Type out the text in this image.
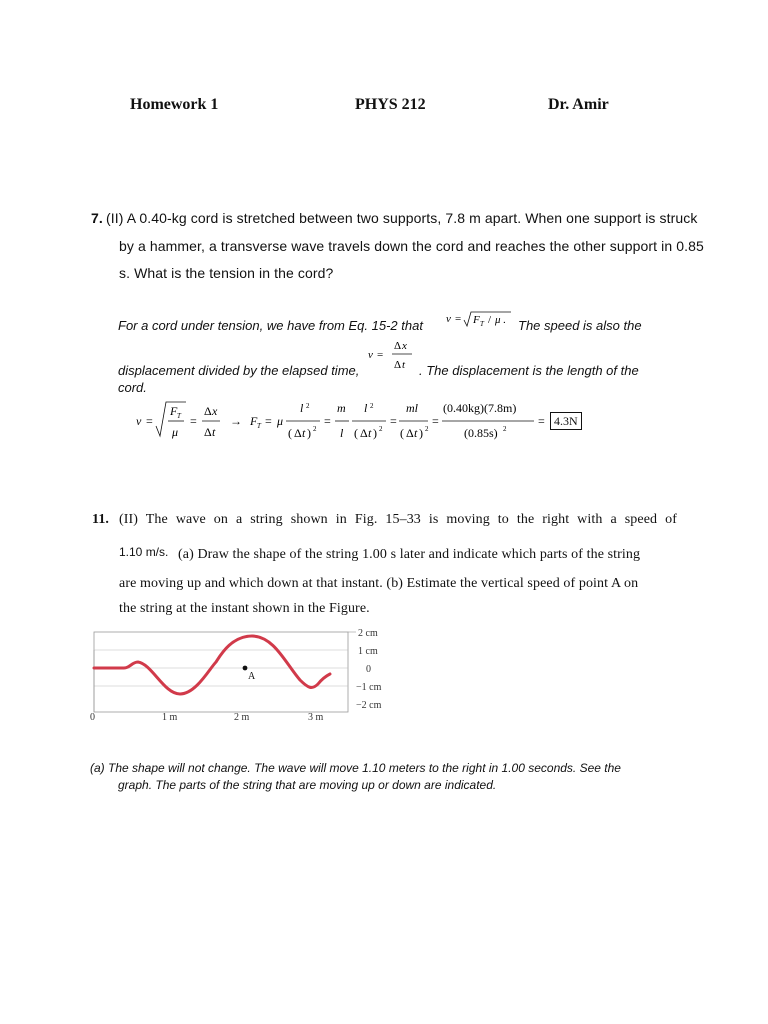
Homework 1	PHYS 212	Dr. Amir
7. (II) A 0.40-kg cord is stretched between two supports, 7.8 m apart. When one support is struck
by a hammer, a transverse wave travels down the cord and reaches the other support in 0.85
s. What is the tension in the cord?
For a cord under tension, we have from Eq. 15-2 that v = F T / μ . The speed is also the
v =
Δ x
Δ t
displacement divided by the elapsed time,	. The displacement is the length of the
cord.
v =
F T
μ
=
Δ x
Δ t
→ F T = μ
l 2
( Δ t ) 2
=
m
l
l 2
( Δ t ) 2
=
ml
( Δ t ) 2
=
(0.40kg)(7.8m)
(0.85s) 2
= 4.3N
11. (II) The wave on a string shown in Fig. 15–33 is moving to the right with a speed of
1.10 m/s. (a) Draw the shape of the string 1.00 s later and indicate which parts of the string
are moving up and which down at that instant. (b) Estimate the vertical speed of point A on
the string at the instant shown in the Figure.
A
2 cm
1 cm
0
−1 cm
−2 cm
0	1 m	2 m	3 m
(a) The shape will not change. The wave will move 1.10 meters to the right in 1.00 seconds. See the
graph. The parts of the string that are moving up or down are indicated.
